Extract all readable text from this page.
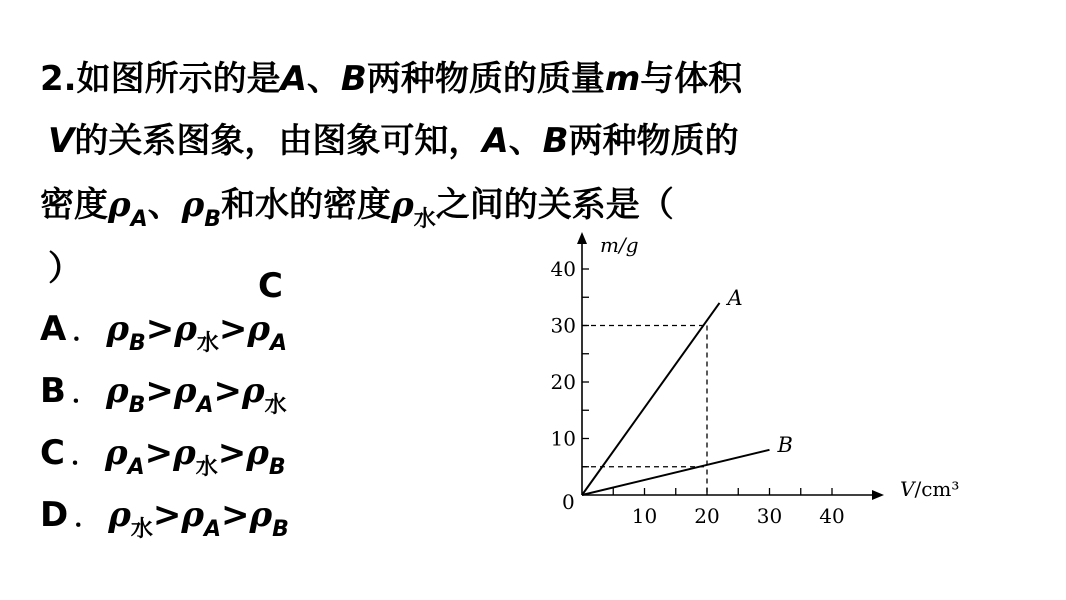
2.如图所示的是A、B两种物质的质量m与体积
V的关系图象，由图象可知，A、B两种物质的
密度$\rho_A$、$\rho_B$和水的密度$\rho_水$之间的关系是（
）	C
A ． $\rho_B>\rho_水>\rho_A$
B ． $\rho_B>\rho_A>\rho_水$
C ． $\rho_A>\rho_水>\rho_B$
D ． $\rho_水>\rho_A>\rho_B$
m/g
V/cm³
0
10 20 30 40
10
20
30
40
A
B
